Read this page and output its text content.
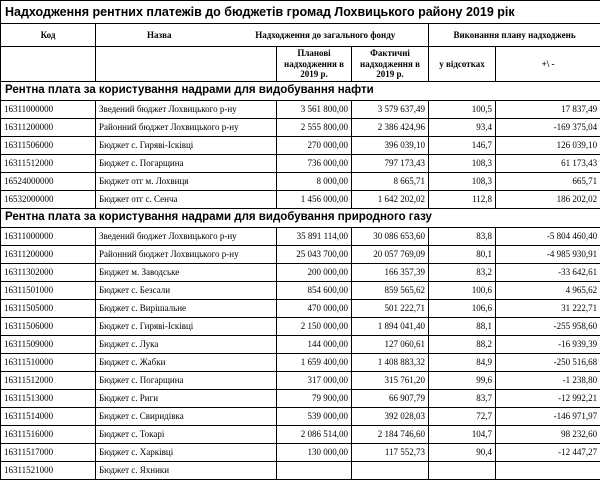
Надходження рентних платежів до бюджетів громад Лохвицького району 2019 рік						
Код	Назва	Надходження до загального фонду			Виконання плану надходжень	
			Планові надходження в 2019 р.	Фактичні надходження в 2019 р.	у відсотках	+\ -
Рентна плата за користування надрами для видобування нафти						
16311000000	Зведений бюджет Лохвицького р-ну		3 561 800,00	3 579 637,49	100,5	17 837,49
16311200000	Районний бюджет Лохвицького р-ну		2 555 800,00	2 386 424,96	93,4	-169 375,04
16311506000	Бюджет с. Гиряві-Ісківці		270 000,00	396 039,10	146,7	126 039,10
16311512000	Бюджет с. Погарщина		736 000,00	797 173,43	108,3	61 173,43
16524000000	Бюджет отг м. Лохвиця		8 000,00	8 665,71	108,3	665,71
16532000000	Бюджет отг с. Сенча		1 456 000,00	1 642 202,02	112,8	186 202,02
Рентна плата за користування надрами для видобування природного газу						
16311000000	Зведений бюджет Лохвицького р-ну		35 891 114,00	30 086 653,60	83,8	-5 804 460,40
16311200000	Районний бюджет Лохвицького р-ну		25 043 700,00	20 057 769,09	80,1	-4 985 930,91
16311302000	Бюджет м. Заводське		200 000,00	166 357,39	83,2	-33 642,61
16311501000	Бюджет с. Безсали		854 600,00	859 565,62	100,6	4 965,62
16311505000	Бюджет с. Вирішальне		470 000,00	501 222,71	106,6	31 222,71
16311506000	Бюджет с. Гиряві-Ісківці		2 150 000,00	1 894 041,40	88,1	-255 958,60
16311509000	Бюджет с. Лука		144 000,00	127 060,61	88,2	-16 939,39
16311510000	Бюджет с. Жабки		1 659 400,00	1 408 883,32	84,9	-250 516,68
16311512000	Бюджет с. Погарщина		317 000,00	315 761,20	99,6	-1 238,80
16311513000	Бюджет с. Риги		79 900,00	66 907,79	83,7	-12 992,21
16311514000	Бюджет с. Свиридівка		539 000,00	392 028,03	72,7	-146 971,97
16311516000	Бюджет с. Токарі		2 086 514,00	2 184 746,60	104,7	98 232,60
16311517000	Бюджет с. Харківці		130 000,00	117 552,73	90,4	-12 447,27
16311521000	Бюджет с. Яхники					
